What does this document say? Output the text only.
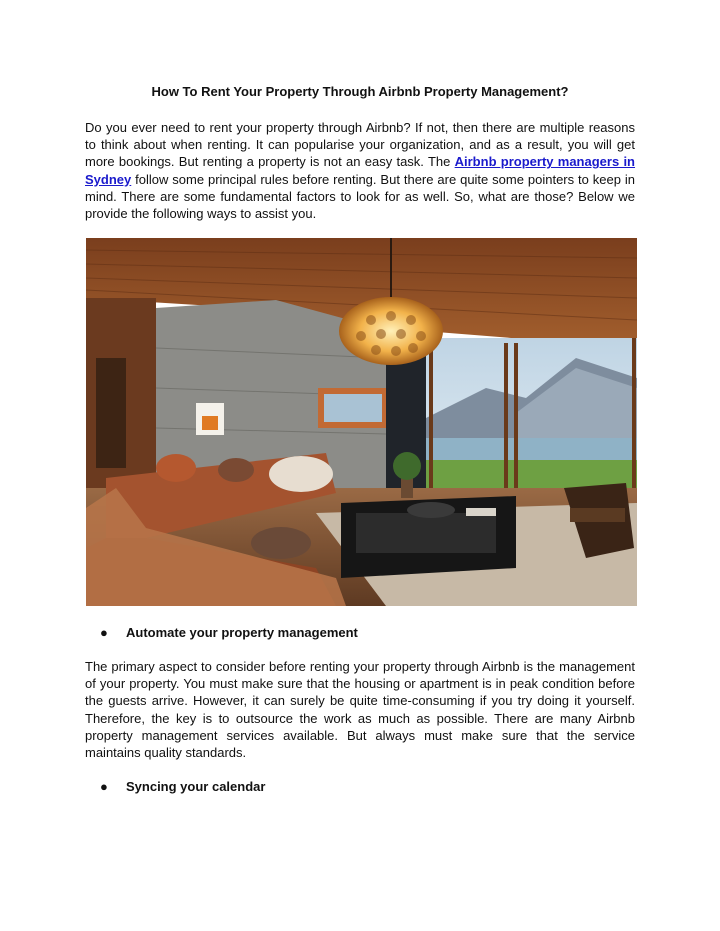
How To Rent Your Property Through Airbnb Property Management?
Do you ever need to rent your property through Airbnb? If not, then there are multiple reasons to think about when renting. It can popularise your organization, and as a result, you will get more bookings. But renting a property is not an easy task. The Airbnb property managers in Sydney follow some principal rules before renting. But there are quite some pointers to keep in mind. There are some fundamental factors to look for as well. So, what are those? Below we provide the following ways to assist you.
● Automate your property management
The primary aspect to consider before renting your property through Airbnb is the management of your property. You must make sure that the housing or apartment is in peak condition before the guests arrive. However, it can surely be quite time-consuming if you try doing it yourself. Therefore, the key is to outsource the work as much as possible. There are many Airbnb property management services available. But always must make sure that the service maintains quality standards.
● Syncing your calendar
